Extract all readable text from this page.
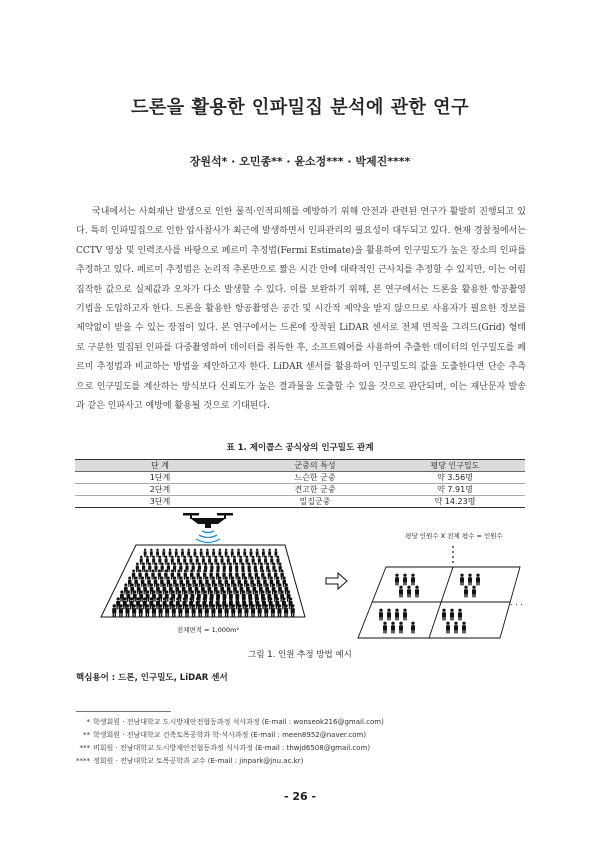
드론을 활용한 인파밀집 분석에 관한 연구
장원석* · 오민종** · 윤소정*** · 박제진****

국내에서는 사회재난 발생으로 인한 물적·인적피해를 예방하기 위해 안전과 관련된 연구가 활발히 진행되고 있다. 특히 인파밀집으로 인한 압사참사가 최근에 발생하면서 인파관리의 필요성이 대두되고 있다. 현재 경찰청에서는 CCTV 영상 및 인력조사를 바탕으로 페르미 추정법(Fermi Estimate)을 활용하여 인구밀도가 높은 장소의 인파를 추정하고 있다. 페르미 추정법은 논리적 추론만으로 짧은 시간 안에 대략적인 근사치를 추정할 수 있지만, 이는 어림짐작한 값으로 실제값과 오차가 다소 발생할 수 있다. 이를 보완하기 위해, 본 연구에서는 드론을 활용한 항공촬영 기법을 도입하고자 한다. 드론을 활용한 항공촬영은 공간 및 시간적 제약을 받지 않으므로 사용자가 필요한 정보를 제약없이 받을 수 있는 장점이 있다. 본 연구에서는 드론에 장착된 LiDAR 센서로 전체 면적을 그리드(Grid) 형태로 구분한 밀집된 인파를 다중촬영하여 데이터를 취득한 후, 소프트웨어를 사용하여 추출한 데이터의 인구밀도를 페르미 추정법과 비교하는 방법을 제안하고자 한다. LiDAR 센서를 활용하여 인구밀도의 값을 도출한다면 단순 추측으로 인구밀도를 계산하는 방식보다 신뢰도가 높은 결과물을 도출할 수 있을 것으로 판단되며, 이는 재난문자 발송과 같은 인파사고 예방에 활용될 것으로 기대된다.

표 1. 제이콥스 공식상의 인구밀도 관계
단 계	군중의 특성	평당 인구밀도
1단계	느슨한 군중	약 3.56명
2단계	견고한 군중	약 7.91명
3단계	밀집군중	약 14.23명
전체면적 = 1,000m²
평당 인원수 X 전체 평수 = 인원수
. . .
그림 1. 인원 추정 방법 예시
핵심용어 : 드론, 인구밀도, LiDAR 센서
* 학생회원 · 전남대학교 도시방재안전협동과정 석사과정 (E-mail : wonseok216@gmail.com)
** 학생회원 · 전남대학교 건축토목공학과 학·석사과정 (E-mail : meen8952@naver.com)
*** 비회원 · 전남대학교 도시방재안전협동과정 석사과정 (E-mail : thwjd6508@gmail.com)
**** 정회원 · 전남대학교 토목공학과 교수 (E-mail : jinpark@jnu.ac.kr)
- 26 -
